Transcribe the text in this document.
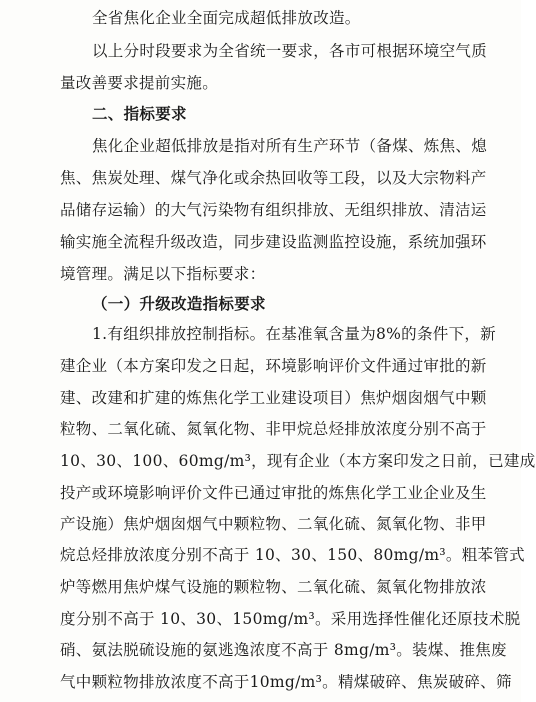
全省焦化企业全面完成超低排放改造。
以上分时段要求为全省统一要求，各市可根据环境空气质
量改善要求提前实施。
二、指标要求
焦化企业超低排放是指对所有生产环节（备煤、炼焦、熄
焦、焦炭处理、煤气净化或余热回收等工段，以及大宗物料产
品储存运输）的大气污染物有组织排放、无组织排放、清洁运
输实施全流程升级改造，同步建设监测监控设施，系统加强环
境管理。满足以下指标要求：
（一）升级改造指标要求
1.有组织排放控制指标。在基准氧含量为8%的条件下，新
建企业（本方案印发之日起，环境影响评价文件通过审批的新
建、改建和扩建的炼焦化学工业建设项目）焦炉烟囱烟气中颗
粒物、二氧化硫、氮氧化物、非甲烷总烃排放浓度分别不高于
10、30、100、60mg/m³，现有企业（本方案印发之日前，已建成
投产或环境影响评价文件已通过审批的炼焦化学工业企业及生
产设施）焦炉烟囱烟气中颗粒物、二氧化硫、氮氧化物、非甲
烷总烃排放浓度分别不高于 10、30、150、80mg/m³。粗苯管式
炉等燃用焦炉煤气设施的颗粒物、二氧化硫、氮氧化物排放浓
度分别不高于 10、30、150mg/m³。采用选择性催化还原技术脱
硝、氨法脱硫设施的氨逃逸浓度不高于 8mg/m³。装煤、推焦废
气中颗粒物排放浓度不高于10mg/m³。精煤破碎、焦炭破碎、筛
